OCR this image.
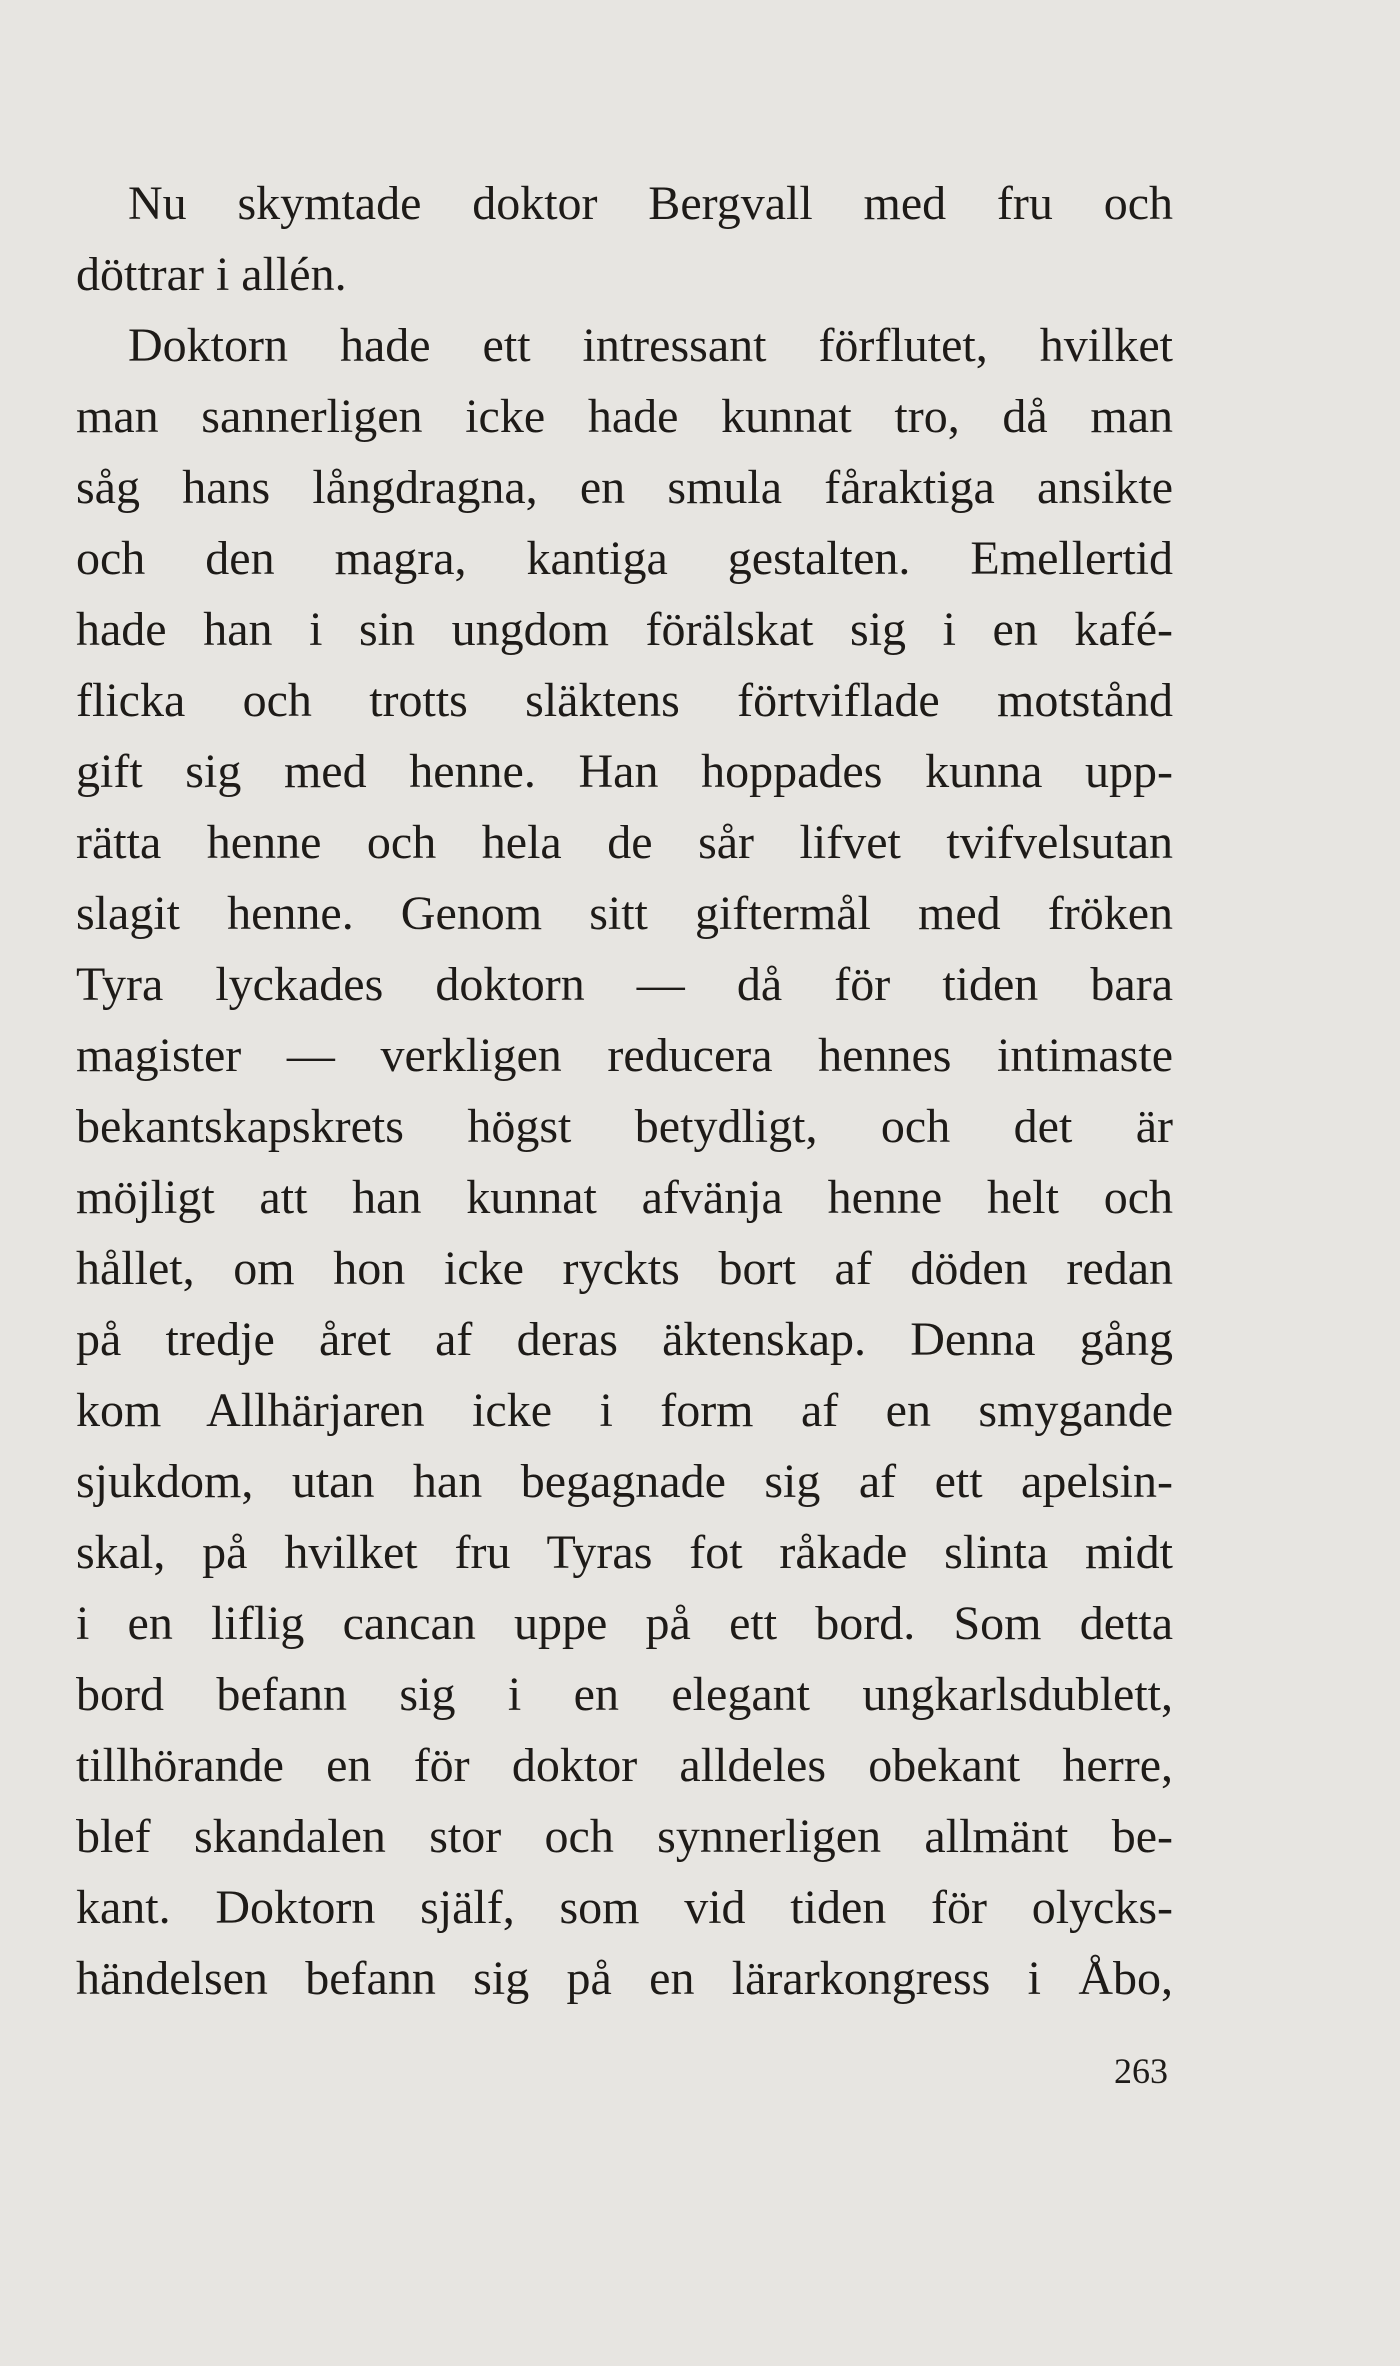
Nu skymtade doktor Bergvall med fru och
döttrar i allén.
Doktorn hade ett intressant förflutet, hvilket
man sannerligen icke hade kunnat tro, då man
såg hans långdragna, en smula fåraktiga ansikte
och den magra, kantiga gestalten. Emellertid
hade han i sin ungdom förälskat sig i en kafé-
flicka och trotts släktens förtviflade motstånd
gift sig med henne. Han hoppades kunna upp-
rätta henne och hela de sår lifvet tvifvelsutan
slagit henne. Genom sitt giftermål med fröken
Tyra lyckades doktorn — då för tiden bara
magister — verkligen reducera hennes intimaste
bekantskapskrets högst betydligt, och det är
möjligt att han kunnat afvänja henne helt och
hållet, om hon icke ryckts bort af döden redan
på tredje året af deras äktenskap. Denna gång
kom Allhärjaren icke i form af en smygande
sjukdom, utan han begagnade sig af ett apelsin-
skal, på hvilket fru Tyras fot råkade slinta midt
i en liflig cancan uppe på ett bord. Som detta
bord befann sig i en elegant ungkarlsdublett,
tillhörande en för doktor alldeles obekant herre,
blef skandalen stor och synnerligen allmänt be-
kant. Doktorn själf, som vid tiden för olycks-
händelsen befann sig på en lärarkongress i Åbo,
263
